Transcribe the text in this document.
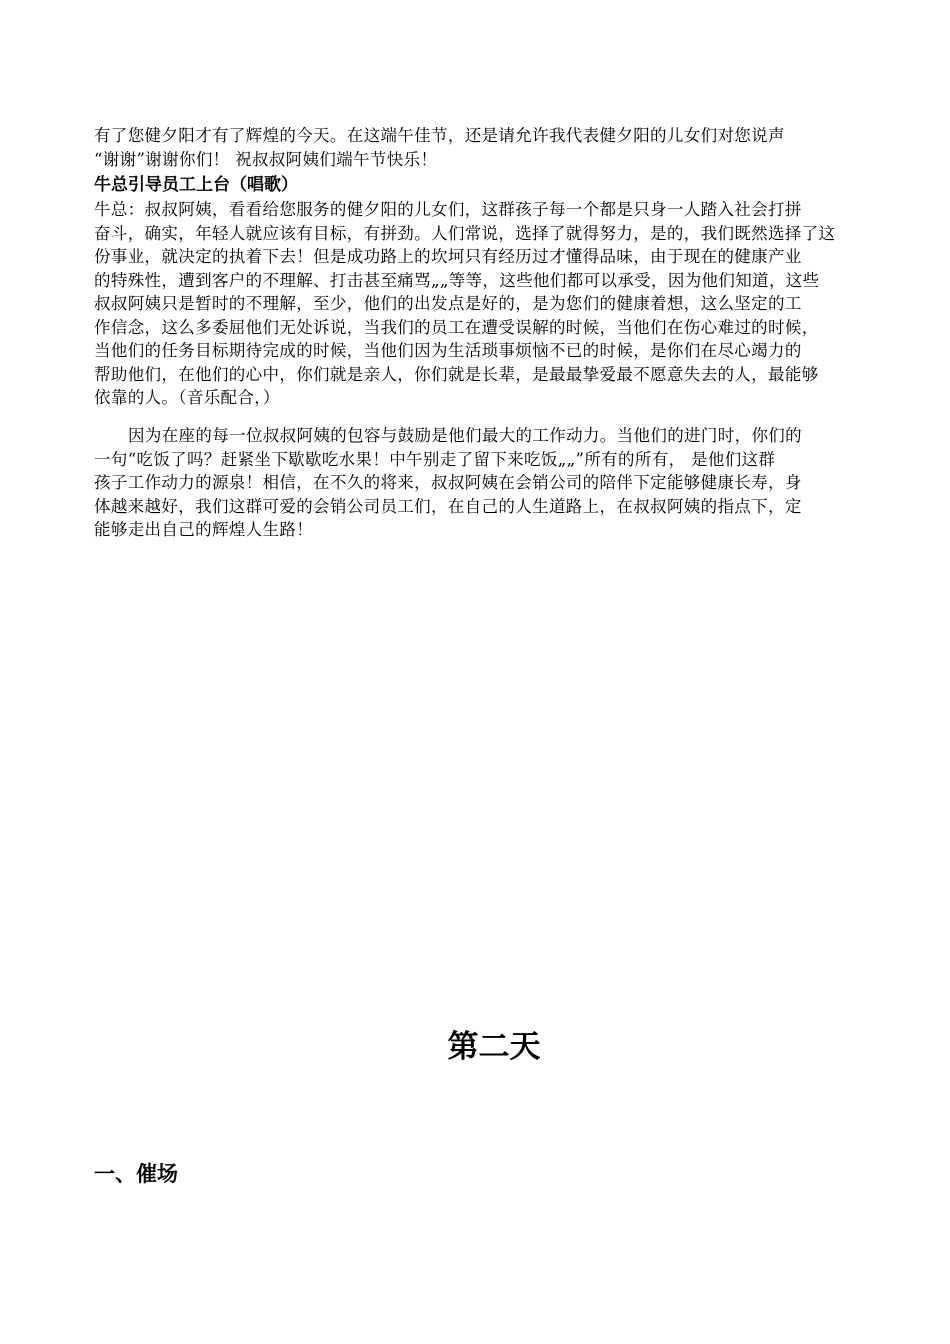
有了您健夕阳才有了辉煌的今天。在这端午佳节，还是请允许我代表健夕阳的儿女们对您说声
“谢谢”谢谢你们！ 祝叔叔阿姨们端午节快乐！
牛总引导员工上台（唱歌）
牛总：叔叔阿姨，看看给您服务的健夕阳的儿女们，这群孩子每一个都是只身一人踏入社会打拼
奋斗，确实，年轻人就应该有目标，有拼劲。人们常说，选择了就得努力，是的，我们既然选择了这
份事业，就决定的执着下去！但是成功路上的坎坷只有经历过才懂得品味，由于现在的健康产业
的特殊性，遭到客户的不理解、打击甚至痛骂„„等等，这些他们都可以承受，因为他们知道，这些
叔叔阿姨只是暂时的不理解，至少，他们的出发点是好的，是为您们的健康着想，这么坚定的工
作信念，这么多委屈他们无处诉说，当我们的员工在遭受误解的时候，当他们在伤心难过的时候，
当他们的任务目标期待完成的时候，当他们因为生活琐事烦恼不已的时候，是你们在尽心竭力的
帮助他们，在他们的心中，你们就是亲人，你们就是长辈，是最最挚爱最不愿意失去的人，最能够
依靠的人。（音乐配合，）
因为在座的每一位叔叔阿姨的包容与鼓励是他们最大的工作动力。当他们的进门时，你们的
一句“吃饭了吗？赶紧坐下歇歇吃水果！中午别走了留下来吃饭„„”所有的所有， 是他们这群
孩子工作动力的源泉！相信，在不久的将来，叔叔阿姨在会销公司的陪伴下定能够健康长寿，身
体越来越好，我们这群可爱的会销公司员工们，在自己的人生道路上，在叔叔阿姨的指点下，定
能够走出自己的辉煌人生路！
第二天
一、催场
